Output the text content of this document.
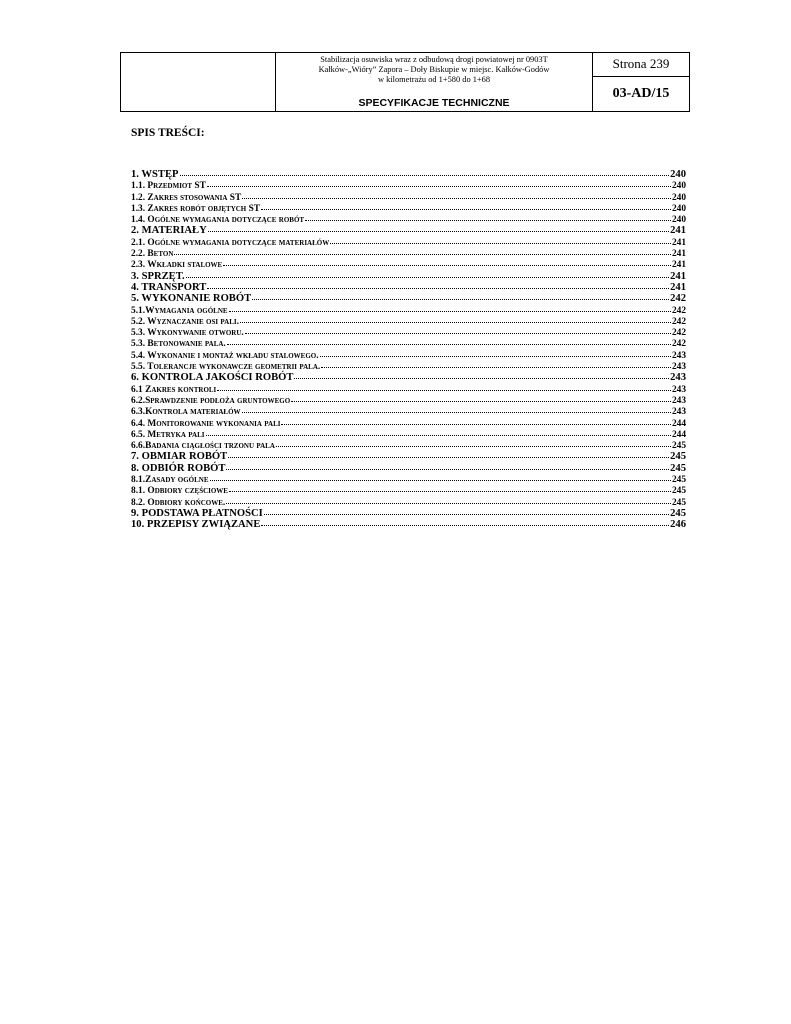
Stabilizacja osuwiska wraz z odbudową drogi powiatowej nr 0903T
Kałków-„Wióry” Zapora – Doły Biskupie w miejsc. Kałków-Godów
w kilometrażu od 1+580 do 1+68
SPECYFIKACJE TECHNICZNE

Strona 239
03-AD/15
SPIS TREŚCI:
1. WSTĘP	240
1.1. Przedmiot ST	240
1.2. Zakres stosowania ST	240
1.3. Zakres robót objętych ST	240
1.4. Ogólne wymagania dotyczące robót	240
2. MATERIAŁY	241
2.1. Ogólne wymagania dotyczące materiałów	241
2.2. Beton	241
2.3. Wkładki stalowe	241
3. SPRZĘT.	241
4. TRANSPORT	241
5. WYKONANIE ROBÓT	242
5.1.Wymagania ogólne	242
5.2. Wyznaczanie osi pali.	242
5.3. Wykonywanie otworu.	242
5.3. Betonowanie pala.	242
5.4. Wykonanie i montaż wkładu stalowego.	243
5.5. Tolerancje wykonawcze geometrii pala.	243
6. KONTROLA JAKOŚCI ROBÓT	243
6.1 Zakres kontroli	243
6.2.Sprawdzenie podłoża gruntowego	243
6.3.Kontrola materiałów	243
6.4. Monitorowanie wykonania pali	244
6.5. Metryka pali	244
6.6.Badania ciągłości trzonu pala	245
7. OBMIAR ROBÓT	245
8. ODBIÓR ROBÓT	245
8.1.Zasady ogólne	245
8.1. Odbiory częściowe	245
8.2. Odbiory końcowe.	245
9. PODSTAWA PŁATNOŚCI	245
10. PRZEPISY ZWIĄZANE	246
